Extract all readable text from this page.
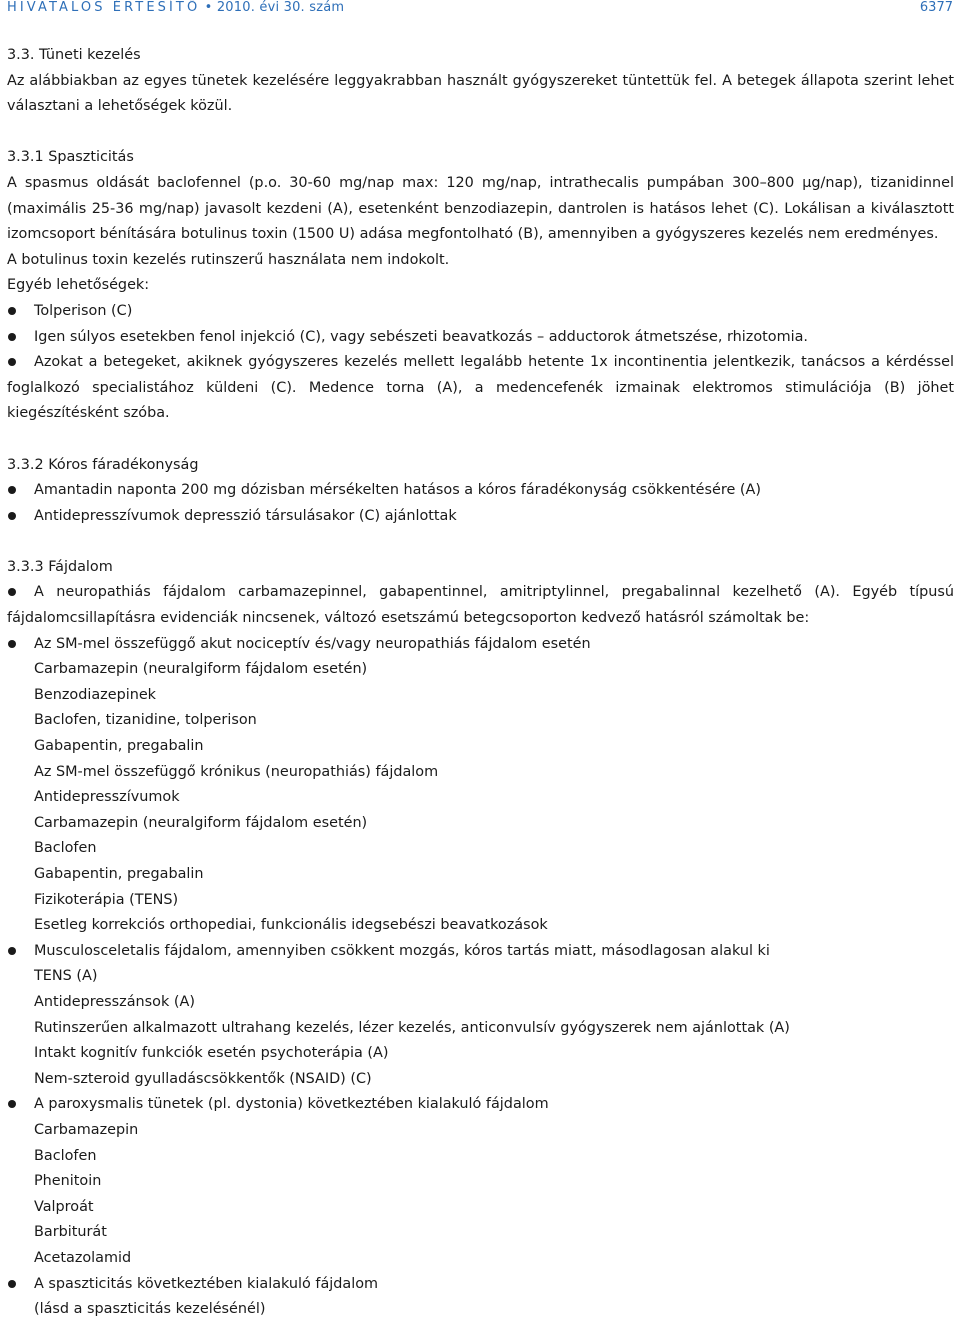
HIVATALOS ÉRTESÍTŐ • 2010. évi 30. szám	6377

3.3. Tüneti kezelés

Az alábbiakban az egyes tünetek kezelésére leggyakrabban használt gyógyszereket tüntettük fel. A betegek állapota szerint lehet választani a lehetőségek közül.

3.3.1 Spaszticitás

A spasmus oldását baclofennel (p.o. 30-60 mg/nap max: 120 mg/nap, intrathecalis pumpában 300–800 µg/nap), tizanidinnel (maximális 25-36 mg/nap) javasolt kezdeni (A), esetenként benzodiazepin, dantrolen is hatásos lehet (C). Lokálisan a kiválasztott izomcsoport bénítására botulinus toxin (1500 U) adása megfontolható (B), amennyiben a gyógyszeres kezelés nem eredményes.

A botulinus toxin kezelés rutinszerű használata nem indokolt.

Egyéb lehetőségek:

Tolperison (C)

Igen súlyos esetekben fenol injekció (C), vagy sebészeti beavatkozás – adductorok átmetszése, rhizotomia.

Azokat a betegeket, akiknek gyógyszeres kezelés mellett legalább hetente 1x incontinentia jelentkezik, tanácsos a kérdéssel foglalkozó specialistához küldeni (C). Medence torna (A), a medencefenék izmainak elektromos stimulációja (B) jöhet kiegészítésként szóba.

3.3.2 Kóros fáradékonyság

Amantadin naponta 200 mg dózisban mérsékelten hatásos a kóros fáradékonyság csökkentésére (A)

Antidepresszívumok depresszió társulásakor (C) ajánlottak

3.3.3 Fájdalom

A neuropathiás fájdalom carbamazepinnel, gabapentinnel, amitriptylinnel, pregabalinnal kezelhető (A). Egyéb típusú fájdalomcsillapításra evidenciák nincsenek, változó esetszámú betegcsoporton kedvező hatásról számoltak be:

Az SM-mel összefüggő akut nociceptív és/vagy neuropathiás fájdalom esetén

Carbamazepin (neuralgiform fájdalom esetén)

Benzodiazepinek

Baclofen, tizanidine, tolperison

Gabapentin, pregabalin

Az SM-mel összefüggő krónikus (neuropathiás) fájdalom

Antidepresszívumok

Carbamazepin (neuralgiform fájdalom esetén)

Baclofen

Gabapentin, pregabalin

Fizikoterápia (TENS)

Esetleg korrekciós orthopediai, funkcionális idegsebészi beavatkozások

Musculosceletalis fájdalom, amennyiben csökkent mozgás, kóros tartás miatt, másodlagosan alakul ki

TENS (A)

Antidepresszánsok (A)

Rutinszerűen alkalmazott ultrahang kezelés, lézer kezelés, anticonvulsív gyógyszerek nem ajánlottak (A)

Intakt kognitív funkciók esetén psychoterápia (A)

Nem-szteroid gyulladáscsökkentők (NSAID) (C)

A paroxysmalis tünetek (pl. dystonia) következtében kialakuló fájdalom

Carbamazepin

Baclofen

Phenitoin

Valproát

Barbiturát

Acetazolamid

A spaszticitás következtében kialakuló fájdalom

(lásd a spaszticitás kezelésénél)
